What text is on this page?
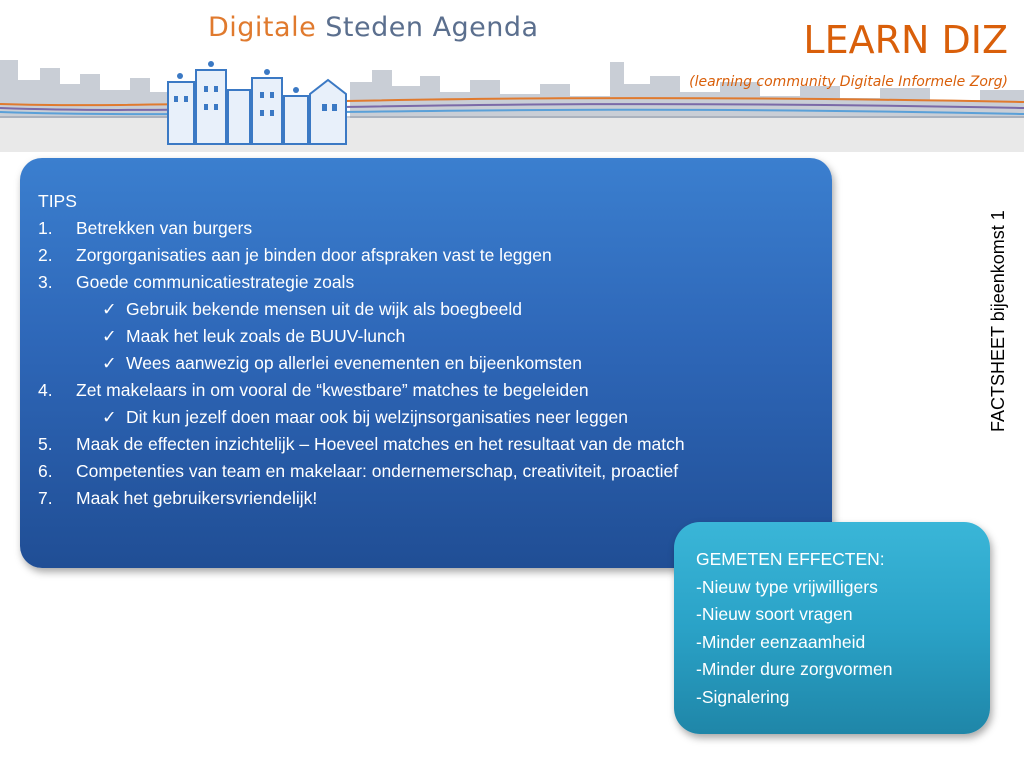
Digitale Steden Agenda	LEARN DIZ
(learning community Digitale Informele Zorg)
TIPS
1. Betrekken van burgers
2. Zorgorganisaties aan je binden door afspraken vast te leggen
3. Goede communicatiestrategie zoals
✓ Gebruik bekende mensen uit de wijk als boegbeeld
✓ Maak het leuk zoals de BUUV-lunch
✓ Wees aanwezig op allerlei evenementen en bijeenkomsten
4. Zet makelaars in om vooral de “kwestbare” matches te begeleiden
✓ Dit kun jezelf doen maar ook bij welzijnsorganisaties neer leggen
5. Maak de effecten inzichtelijk – Hoeveel matches en het resultaat van de match
6. Competenties van team en makelaar: ondernemerschap, creativiteit, proactief
7. Maak het gebruikersvriendelijk!
GEMETEN EFFECTEN:
-Nieuw type vrijwilligers
-Nieuw soort vragen
-Minder eenzaamheid
-Minder dure zorgvormen
-Signalering
FACTSHEET bijeenkomst 1
